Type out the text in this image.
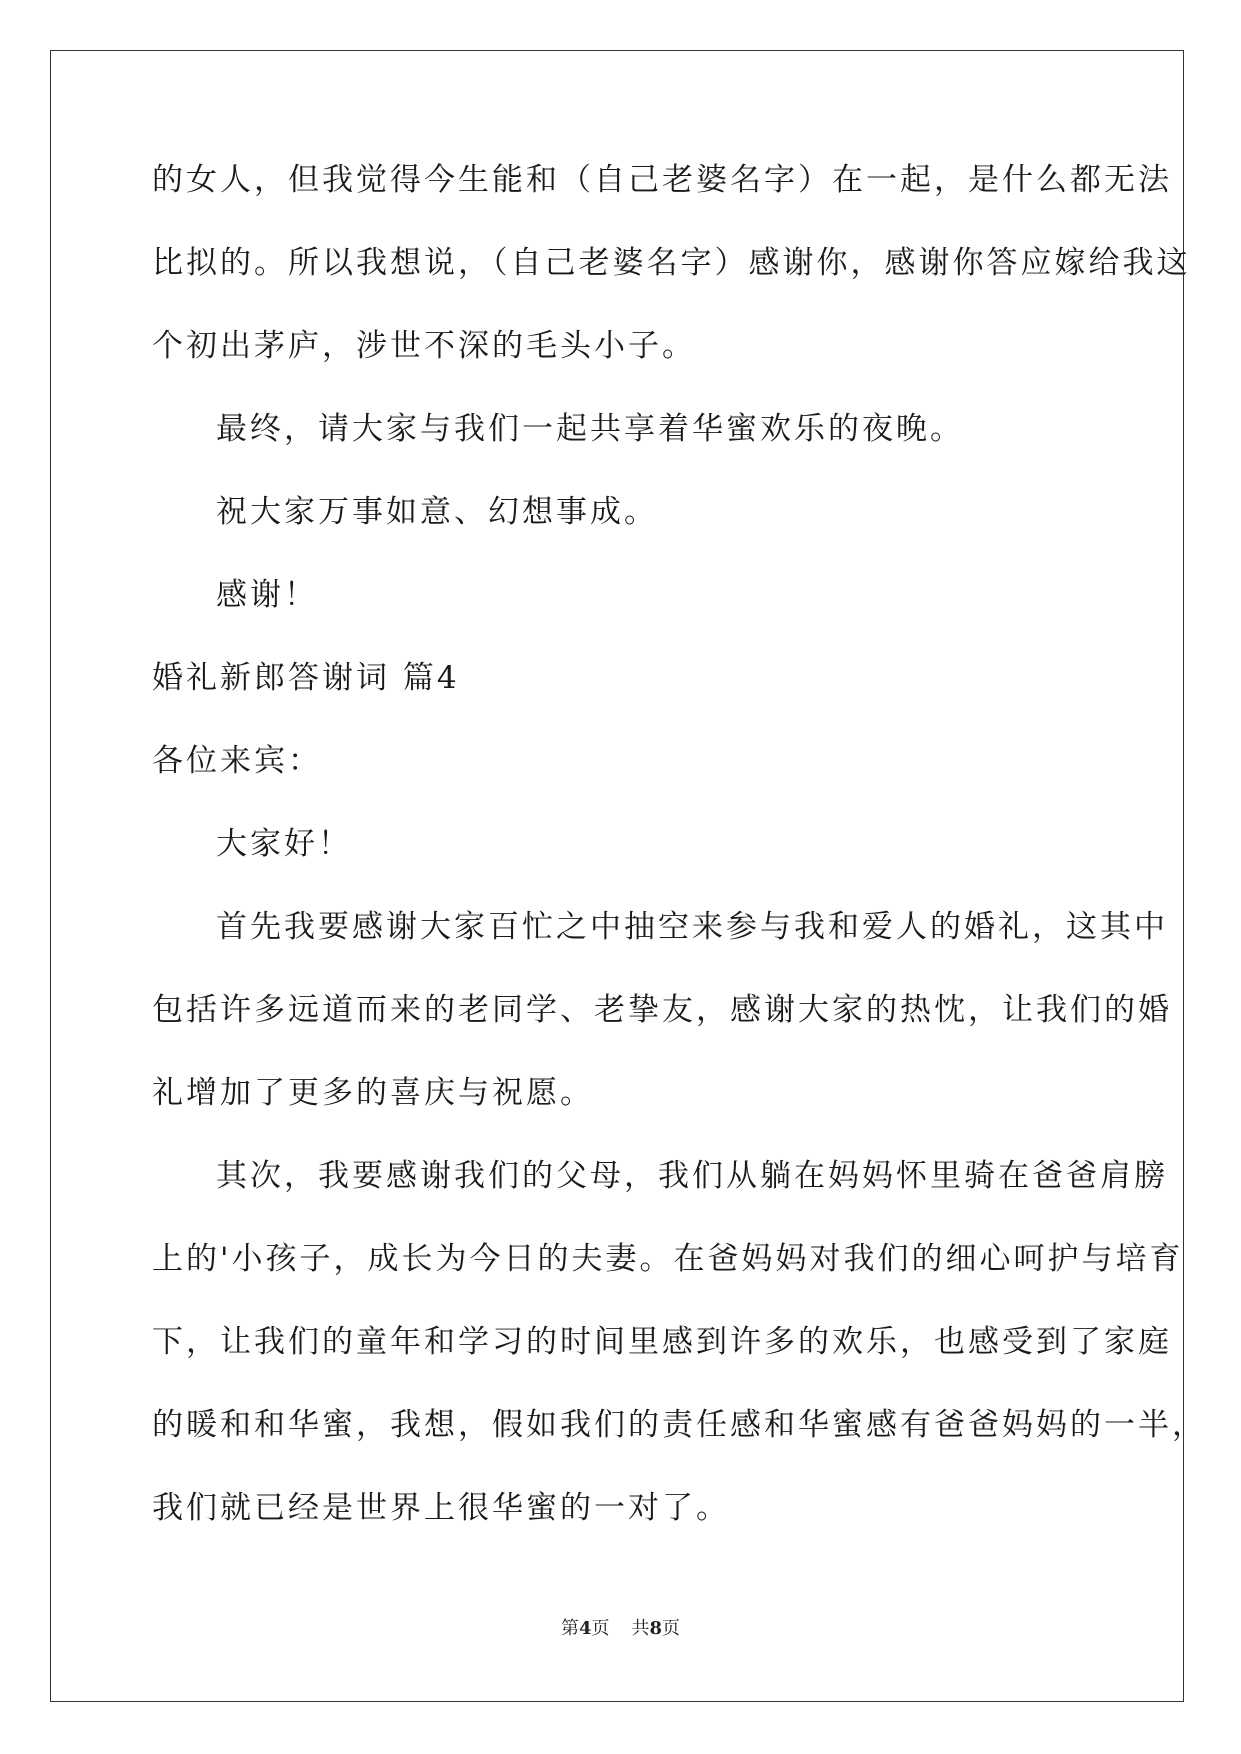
的女人，但我觉得今生能和（自己老婆名字）在一起，是什么都无法

比拟的。所以我想说，（自己老婆名字）感谢你，感谢你答应嫁给我这

个初出茅庐，涉世不深的毛头小子。

最终，请大家与我们一起共享着华蜜欢乐的夜晚。

祝大家万事如意、幻想事成。

感谢！

婚礼新郎答谢词 篇4

各位来宾：

大家好！

首先我要感谢大家百忙之中抽空来参与我和爱人的婚礼，这其中

包括许多远道而来的老同学、老挚友，感谢大家的热忱，让我们的婚

礼增加了更多的喜庆与祝愿。

其次，我要感谢我们的父母，我们从躺在妈妈怀里骑在爸爸肩膀

上的'小孩子，成长为今日的夫妻。在爸妈妈对我们的细心呵护与培育

下，让我们的童年和学习的时间里感到许多的欢乐，也感受到了家庭

的暖和和华蜜，我想，假如我们的责任感和华蜜感有爸爸妈妈的一半，

我们就已经是世界上很华蜜的一对了。

第4页 共8页
